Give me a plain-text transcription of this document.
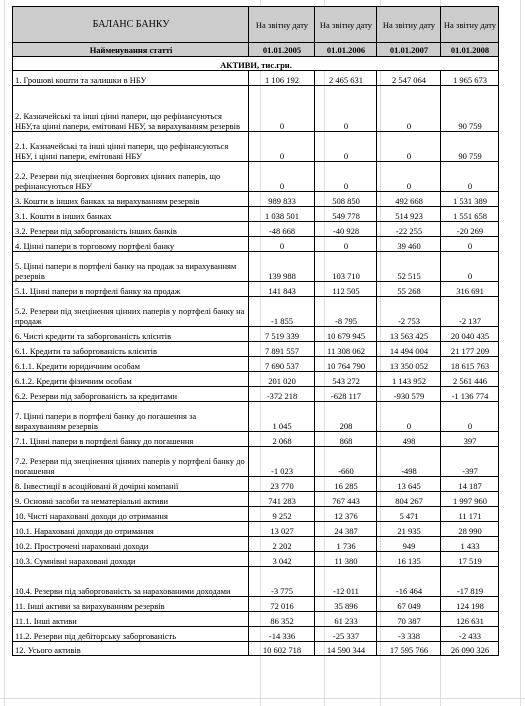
БАЛАНС БАНКУ	На звітну дату	На звітну дату	На звітну дату	На звітну дату
Найменування статті	01.01.2005	01.01.2006	01.01.2007	01.01.2008
АКТИВИ, тис.грн.				
1. Грошові кошти та залишки в НБУ	1 106 192	2 465 631	2 547 064	1 965 673
2. Казначейські та інші цінні папери, що рефінансуються НБУ,та цінні папери, емітовані НБУ, за вирахуванням резервів	0	0	0	90 759
2.1. Казначейські та інші цінні папери, що рефінансуються НБУ, і цінні папери, емітовані НБУ	0	0	0	90 759
2.2. Резерви під знецінення боргових цінних паперів, що рефінансуються НБУ	0	0	0	0
3. Кошти в інших банках за вирахуванням резервів	989 833	508 850	492 668	1 531 389
3.1. Кошти в інших банках	1 038 501	549 778	514 923	1 551 658
3.2. Резерви під заборгованість інших банків	-48 668	-40 928	-22 255	-20 269
4. Цінні папери в торговому портфелі банку	0	0	39 460	0
5. Цінні папери в портфелі банку на продаж за вирахуванням резервів	139 988	103 710	52 515	0
5.1. Цінні папери в портфелі банку на продаж	141 843	112 505	55 268	316 691
5.2. Резерви під знецінення цінних паперів у портфелі банку на продаж	-1 855	-8 795	-2 753	-2 137
6. Чисті кредити та заборгованість клієнтів	7 519 339	10 679 945	13 563 425	20 040 435
6.1. Кредити та заборгованість клієнтів	7 891 557	11 308 062	14 494 004	21 177 209
6.1.1. Кредити юридичним особам	7 690 537	10 764 790	13 350 052	18 615 763
6.1.2. Кредити фізичним особам	201 020	543 272	1 143 952	2 561 446
6.2. Резерви під заборгованість за кредитами	-372 218	-628 117	-930 579	-1 136 774
7. Цінні папери в портфелі банку до погашення за вирахуванням резервів	1 045	208	0	0
7.1. Цінні папери в портфелі банку до погашення	2 068	868	498	397
7.2. Резерви під знецінення цінних паперів у портфелі банку до погашення	-1 023	-660	-498	-397
8. Інвестиції в асоційовані й дочірні компанії	23 770	16 285	13 645	14 187
9. Основні засоби та нематеріальні активи	741 283	767 443	804 267	1 997 960
10. Чисті нараховані доходи до отримання	9 252	12 376	5 471	11 171
10.1. Нараховані доходи до отримання	13 027	24 387	21 935	28 990
10.2. Прострочені нараховані доходи	2 202	1 736	949	1 433
10.3. Сумнівні нараховані доходи	3 042	11 380	16 135	17 519
10.4. Резерви під заборгованість за нарахованими доходами	-3 775	-12 011	-16 464	-17 819
11. Інші активи за вирахуванням резервів	72 016	35 896	67 049	124 198
11.1. Інші активи	86 352	61 233	70 387	126 631
11.2. Резерви під дебіторську заборгованість	-14 336	-25 337	-3 338	-2 433
12. Усього активів	10 602 718	14 590 344	17 595 766	26 090 326
